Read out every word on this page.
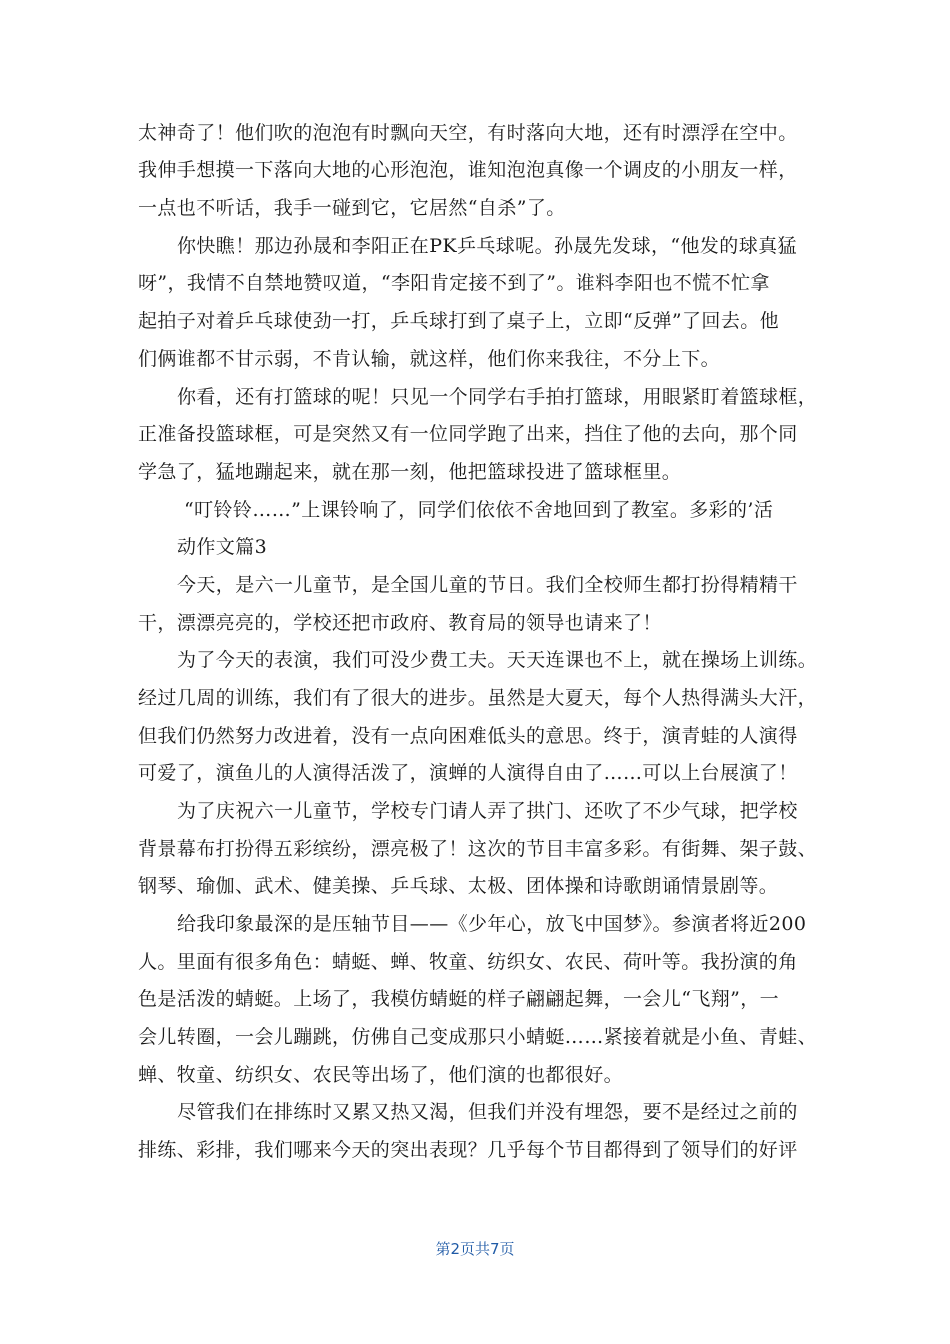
太神奇了！他们吹的泡泡有时飘向天空，有时落向大地，还有时漂浮在空中。
我伸手想摸一下落向大地的心形泡泡，谁知泡泡真像一个调皮的小朋友一样，
一点也不听话，我手一碰到它，它居然“自杀”了。
你快瞧！那边孙晟和李阳正在PK乒乓球呢。孙晟先发球，“他发的球真猛
呀”，我情不自禁地赞叹道，“李阳肯定接不到了”。谁料李阳也不慌不忙拿
起拍子对着乒乓球使劲一打，乒乓球打到了桌子上，立即“反弹”了回去。他
们俩谁都不甘示弱，不肯认输，就这样，他们你来我往，不分上下。
你看，还有打篮球的呢！只见一个同学右手拍打篮球，用眼紧盯着篮球框，
正准备投篮球框，可是突然又有一位同学跑了出来，挡住了他的去向，那个同
学急了，猛地蹦起来，就在那一刻，他把篮球投进了篮球框里。
“叮铃铃……”上课铃响了，同学们依依不舍地回到了教室。多彩的’活
动作文篇3
今天，是六一儿童节，是全国儿童的节日。我们全校师生都打扮得精精干
干，漂漂亮亮的，学校还把市政府、教育局的领导也请来了！
为了今天的表演，我们可没少费工夫。天天连课也不上，就在操场上训练。
经过几周的训练，我们有了很大的进步。虽然是大夏天，每个人热得满头大汗，
但我们仍然努力改进着，没有一点向困难低头的意思。终于，演青蛙的人演得
可爱了，演鱼儿的人演得活泼了，演蝉的人演得自由了……可以上台展演了！
为了庆祝六一儿童节，学校专门请人弄了拱门、还吹了不少气球，把学校
背景幕布打扮得五彩缤纷，漂亮极了！这次的节目丰富多彩。有街舞、架子鼓、
钢琴、瑜伽、武术、健美操、乒乓球、太极、团体操和诗歌朗诵情景剧等。
给我印象最深的是压轴节目——《少年心，放飞中国梦》。参演者将近200
人。里面有很多角色：蜻蜓、蝉、牧童、纺织女、农民、荷叶等。我扮演的角
色是活泼的蜻蜓。上场了，我模仿蜻蜓的样子翩翩起舞，一会儿“飞翔”，一
会儿转圈，一会儿蹦跳，仿佛自己变成那只小蜻蜓……紧接着就是小鱼、青蛙、
蝉、牧童、纺织女、农民等出场了，他们演的也都很好。
尽管我们在排练时又累又热又渴，但我们并没有埋怨，要不是经过之前的
排练、彩排，我们哪来今天的突出表现？几乎每个节目都得到了领导们的好评
第2页共7页
